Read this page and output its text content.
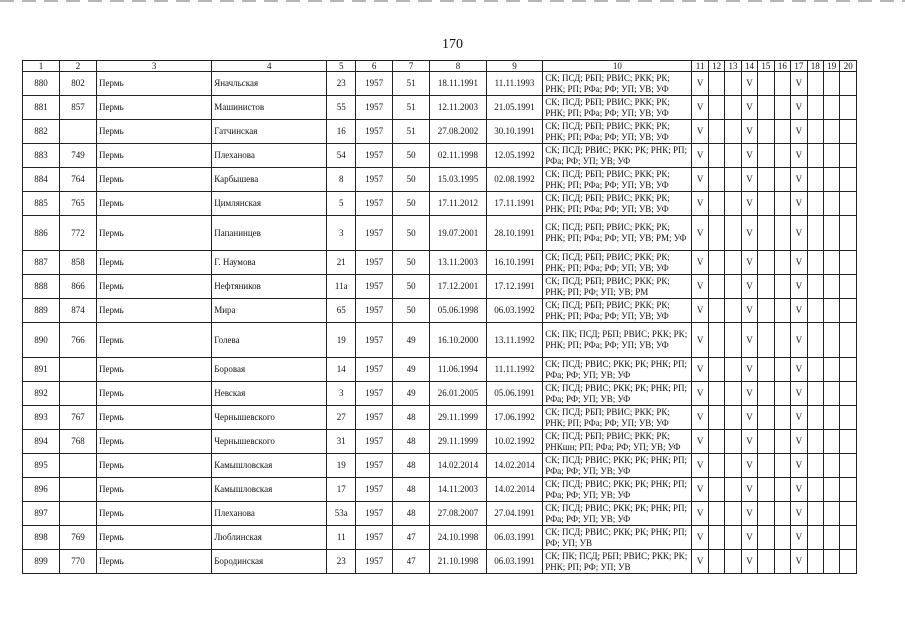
170
1	2	3	4	5	6	7	8	9	10	11	12	13	14	15	16	17	18	19	20
880	802	Пермь	Яначльская	23	1957	51	18.11.1991	11.11.1993	СК; ПСД; РБП; РВИС; РКК; РК; РНК; РП; РФа; РФ; УП; УВ; УФ	V			V			V			
881	857	Пермь	Машинистов	55	1957	51	12.11.2003	21.05.1991	СК; ПСД; РБП; РВИС; РКК; РК; РНК; РП; РФа; РФ; УП; УВ; УФ	V			V			V			
882		Пермь	Гатчинская	16	1957	51	27.08.2002	30.10.1991	СК; ПСД; РБП; РВИС; РКК; РК; РНК; РП; РФа; РФ; УП; УВ; УФ	V			V			V			
883	749	Пермь	Плеханова	54	1957	50	02.11.1998	12.05.1992	СК; ПСД; РВИС; РКК; РК; РНК; РП; РФа; РФ; УП; УВ; УФ	V			V			V			
884	764	Пермь	Карбышева	8	1957	50	15.03.1995	02.08.1992	СК; ПСД; РБП; РВИС; РКК; РК; РНК; РП; РФа; РФ; УП; УВ; УФ	V			V			V			
885	765	Пермь	Цимлянская	5	1957	50	17.11.2012	17.11.1991	СК; ПСД; РБП; РВИС; РКК; РК; РНК; РП; РФа; РФ; УП; УВ; УФ	V			V			V			
886	772	Пермь	Папанинцев	3	1957	50	19.07.2001	28.10.1991	СК; ПСД; РБП; РВИС; РКК; РК; РНК; РП; РФа; РФ; УП; УВ; РМ; УФ	V			V			V			
887	858	Пермь	Г. Наумова	21	1957	50	13.11.2003	16.10.1991	СК; ПСД; РБП; РВИС; РКК; РК; РНК; РП; РФа; РФ; УП; УВ; УФ	V			V			V			
888	866	Пермь	Нефтяников	11а	1957	50	17.12.2001	17.12.1991	СК; ПСД; РБП; РВИС; РКК; РК; РНК; РП; РФ; УП; УВ; РМ	V			V			V			
889	874	Пермь	Мира	65	1957	50	05.06.1998	06.03.1992	СК; ПСД; РБП; РВИС; РКК; РК; РНК; РП; РФа; РФ; УП; УВ; УФ	V			V			V			
890	766	Пермь	Голева	19	1957	49	16.10.2000	13.11.1992	СК; ПК; ПСД; РБП; РВИС; РКК; РК; РНК; РП; РФа; РФ; УП; УВ; УФ	V			V			V			
891		Пермь	Боровая	14	1957	49	11.06.1994	11.11.1992	СК; ПСД; РВИС; РКК; РК; РНК; РП; РФа; РФ; УП; УВ; УФ	V			V			V			
892		Пермь	Невская	3	1957	49	26.01.2005	05.06.1991	СК; ПСД; РВИС; РКК; РК; РНК; РП; РФа; РФ; УП; УВ; УФ	V			V			V			
893	767	Пермь	Чернышевского	27	1957	48	29.11.1999	17.06.1992	СК; ПСД; РБП; РВИС; РКК; РК; РНК; РП; РФа; РФ; УП; УВ; УФ	V			V			V			
894	768	Пермь	Чернышевского	31	1957	48	29.11.1999	10.02.1992	СК; ПСД; РБП; РВИС; РКК; РК; РНКшн; РП; РФа; РФ; УП; УВ; УФ	V			V			V			
895		Пермь	Камышловская	19	1957	48	14.02.2014	14.02.2014	СК; ПСД; РВИС; РКК; РК; РНК; РП; РФа; РФ; УП; УВ; УФ	V			V			V			
896		Пермь	Камышловская	17	1957	48	14.11.2003	14.02.2014	СК; ПСД; РВИС; РКК; РК; РНК; РП; РФа; РФ; УП; УВ; УФ	V			V			V			
897		Пермь	Плеханова	53а	1957	48	27.08.2007	27.04.1991	СК; ПСД; РВИС; РКК; РК; РНК; РП; РФа; РФ; УП; УВ; УФ	V			V			V			
898	769	Пермь	Люблинская	11	1957	47	24.10.1998	06.03.1991	СК; ПСД; РВИС; РКК; РК; РНК; РП; РФ; УП; УВ	V			V			V			
899	770	Пермь	Бородинская	23	1957	47	21.10.1998	06.03.1991	СК; ПК; ПСД; РБП; РВИС; РКК; РК; РНК; РП; РФ; УП; УВ	V			V			V			
